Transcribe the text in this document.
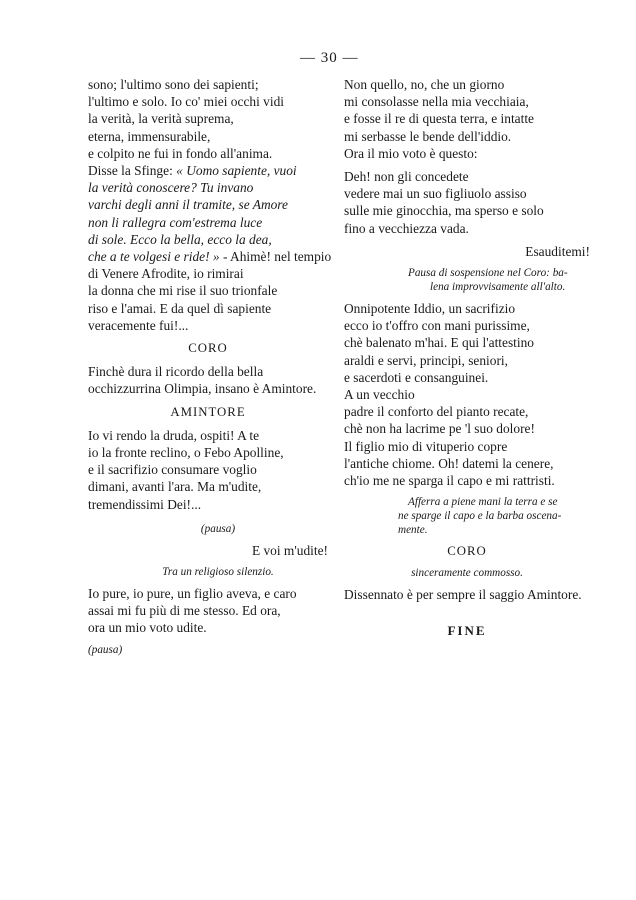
— 30 —
sono; l'ultimo sono dei sapienti;
l'ultimo e solo. Io co' miei occhi vidi
la verità, la verità suprema,
eterna, immensurabile,
e colpito ne fui in fondo all'anima.
Disse la Sfinge: « Uomo sapiente, vuoi
la verità conoscere? Tu invano
varchi degli anni il tramite, se Amore
non li rallegra com'estrema luce
di sole. Ecco la bella, ecco la dea,
che a te volgesi e ride! » - Ahimè! nel tempio
di Venere Afrodite, io rimirai
la donna che mi rise il suo trionfale
riso e l'amai. E da quel dì sapiente
veracemente fui!...
CORO
Finchè dura il ricordo della bella
occhizzurrina Olimpia, insano è Amintore.
AMINTORE
Io vi rendo la druda, ospiti! A te
io la fronte reclino, o Febo Apolline,
e il sacrifizio consumare voglio
dimani, avanti l'ara. Ma m'udite,
tremendissimi Dei!...
(pausa)
E voi m'udite!
Tra un religioso silenzio.
Io pure, io pure, un figlio aveva, e caro
assai mi fu più di me stesso. Ed ora,
ora un mio voto udite.
(pausa)
Non quello, no, che un giorno
mi consolasse nella mia vecchiaia,
e fosse il re di questa terra, e intatte
mi serbasse le bende dell'iddio.
Ora il mio voto è questo:
Deh! non gli concedete
vedere mai un suo figliuolo assiso
sulle mie ginocchia, ma sperso e solo
fino a vecchiezza vada.
Esauditemi!
Pausa di sospensione nel Coro: ba-
lena improvvisamente all'alto.
Onnipotente Iddio, un sacrifizio
ecco io t'offro con mani purissime,
chè balenato m'hai. E qui l'attestino
araldi e servi, principi, seniori,
e sacerdoti e consanguinei.
A un vecchio
padre il conforto del pianto recate,
chè non ha lacrime pe 'l suo dolore!
Il figlio mio di vituperio copre
l'antiche chiome. Oh! datemi la cenere,
ch'io me ne sparga il capo e mi rattristi.
Afferra a piene mani la terra e se
ne sparge il capo e la barba oscena-
mente.
CORO
sinceramente commosso.
Dissennato è per sempre il saggio Amintore.
FINE
